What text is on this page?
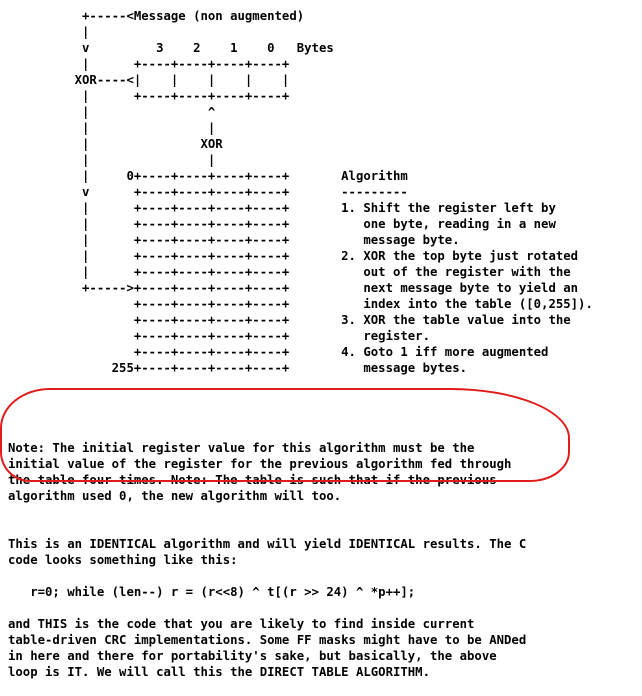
+-----<Message (non augmented)
|
v         3    2    1    0   Bytes
|      +----+----+----+----+
XOR----<|    |    |    |    |
|      +----+----+----+----+
|                ^
|                |
|               XOR
|                |
|     0+----+----+----+----+       Algorithm
v      +----+----+----+----+       ---------
|      +----+----+----+----+       1. Shift the register left by
|      +----+----+----+----+          one byte, reading in a new
|      +----+----+----+----+          message byte.
|      +----+----+----+----+       2. XOR the top byte just rotated
|      +----+----+----+----+          out of the register with the
+----->+----+----+----+----+          next message byte to yield an
+----+----+----+----+          index into the table ([0,255]).
+----+----+----+----+       3. XOR the table value into the
+----+----+----+----+          register.
+----+----+----+----+       4. Goto 1 iff more augmented
255+----+----+----+----+          message bytes.

Note: The initial register value for this algorithm must be the
initial value of the register for the previous algorithm fed through
the table four times. Note: The table is such that if the previous
algorithm used 0, the new algorithm will too.

This is an IDENTICAL algorithm and will yield IDENTICAL results. The C
code looks something like this:

r=0; while (len--) r = (r<<8) ^ t[(r >> 24) ^ *p++];

and THIS is the code that you are likely to find inside current
table-driven CRC implementations. Some FF masks might have to be ANDed
in here and there for portability's sake, but basically, the above
loop is IT. We will call this the DIRECT TABLE ALGORITHM.
